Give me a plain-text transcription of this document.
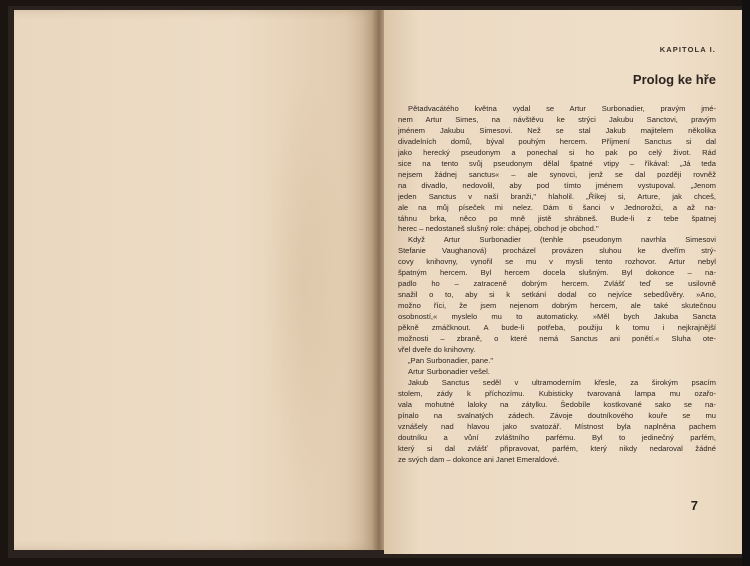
KAPITOLA I.
Prolog ke hře
Pětadvacátého května vydal se Artur Surbonadier, pravým jmé-
nem Artur Simes, na návštěvu ke strýci Jakubu Sanctovi, pravým
jménem Jakubu Simesovi. Než se stal Jakub majitelem několika
divadelních domů, býval pouhým hercem. Příjmení Sanctus si dal
jako herecký pseudonym a ponechal si ho pak po celý život. Rád
sice na tento svůj pseudonym dělal špatné vtipy – říkával: „Já teda
nejsem žádnej sanctus« – ale synovci, jenž se dal později rovněž
na divadlo, nedovolil, aby pod tímto jménem vystupoval. „Jenom
jeden Sanctus v naší branži," hlaholil. „Říkej si, Arture, jak chceš,
ale na můj píseček mi nelez. Dám ti šanci v Jednorožci, a až na-
táhnu brka, něco po mně jistě shrábneš. Bude-li z tebe špatnej
herec – nedostaneš slušný role: chápej, obchod je obchod."
Když Artur Surbonadier (tenhle pseudonym navrhla Simesovi
Stefanie Vaughanová) procházel provázen sluhou ke dveřím strý-
covy knihovny, vynořil se mu v mysli tento rozhovor. Artur nebyl
špatným hercem. Byl hercem docela slušným. Byl dokonce – na-
padlo ho – zatraceně dobrým hercem. Zvlášť teď se usilovně
snažil o to, aby si k setkání dodal co nejvíce sebedůvěry. »Ano,
možno říci, že jsem nejenom dobrým hercem, ale také skutečnou
osobností,« myslelo mu to automaticky. »Měl bych Jakuba Sancta
pěkně zmáčknout. A bude-li potřeba, použiju k tomu i nejkrajnější
možnosti – zbraně, o které nemá Sanctus ani ponětí.« Sluha ote-
vřel dveře do knihovny.
„Pan Surbonadier, pane."
Artur Surbonadier vešel.
Jakub Sanctus seděl v ultramoderním křesle, za širokým psacím
stolem, zády k příchozímu. Kubisticky tvarovaná lampa mu ozařo-
vala mohutné laloky na zátylku. Šedobíle kostkované sako se na-
pínalo na svalnatých zádech. Závoje doutníkového kouře se mu
vznášely nad hlavou jako svatozář. Místnost byla naplněna pachem
doutníku a vůní zvláštního parfému. Byl to jedinečný parfém,
který si dal zvlášť připravovat, parfém, který nikdy nedaroval žádné
ze svých dam – dokonce ani Janet Emeraldové.
7
